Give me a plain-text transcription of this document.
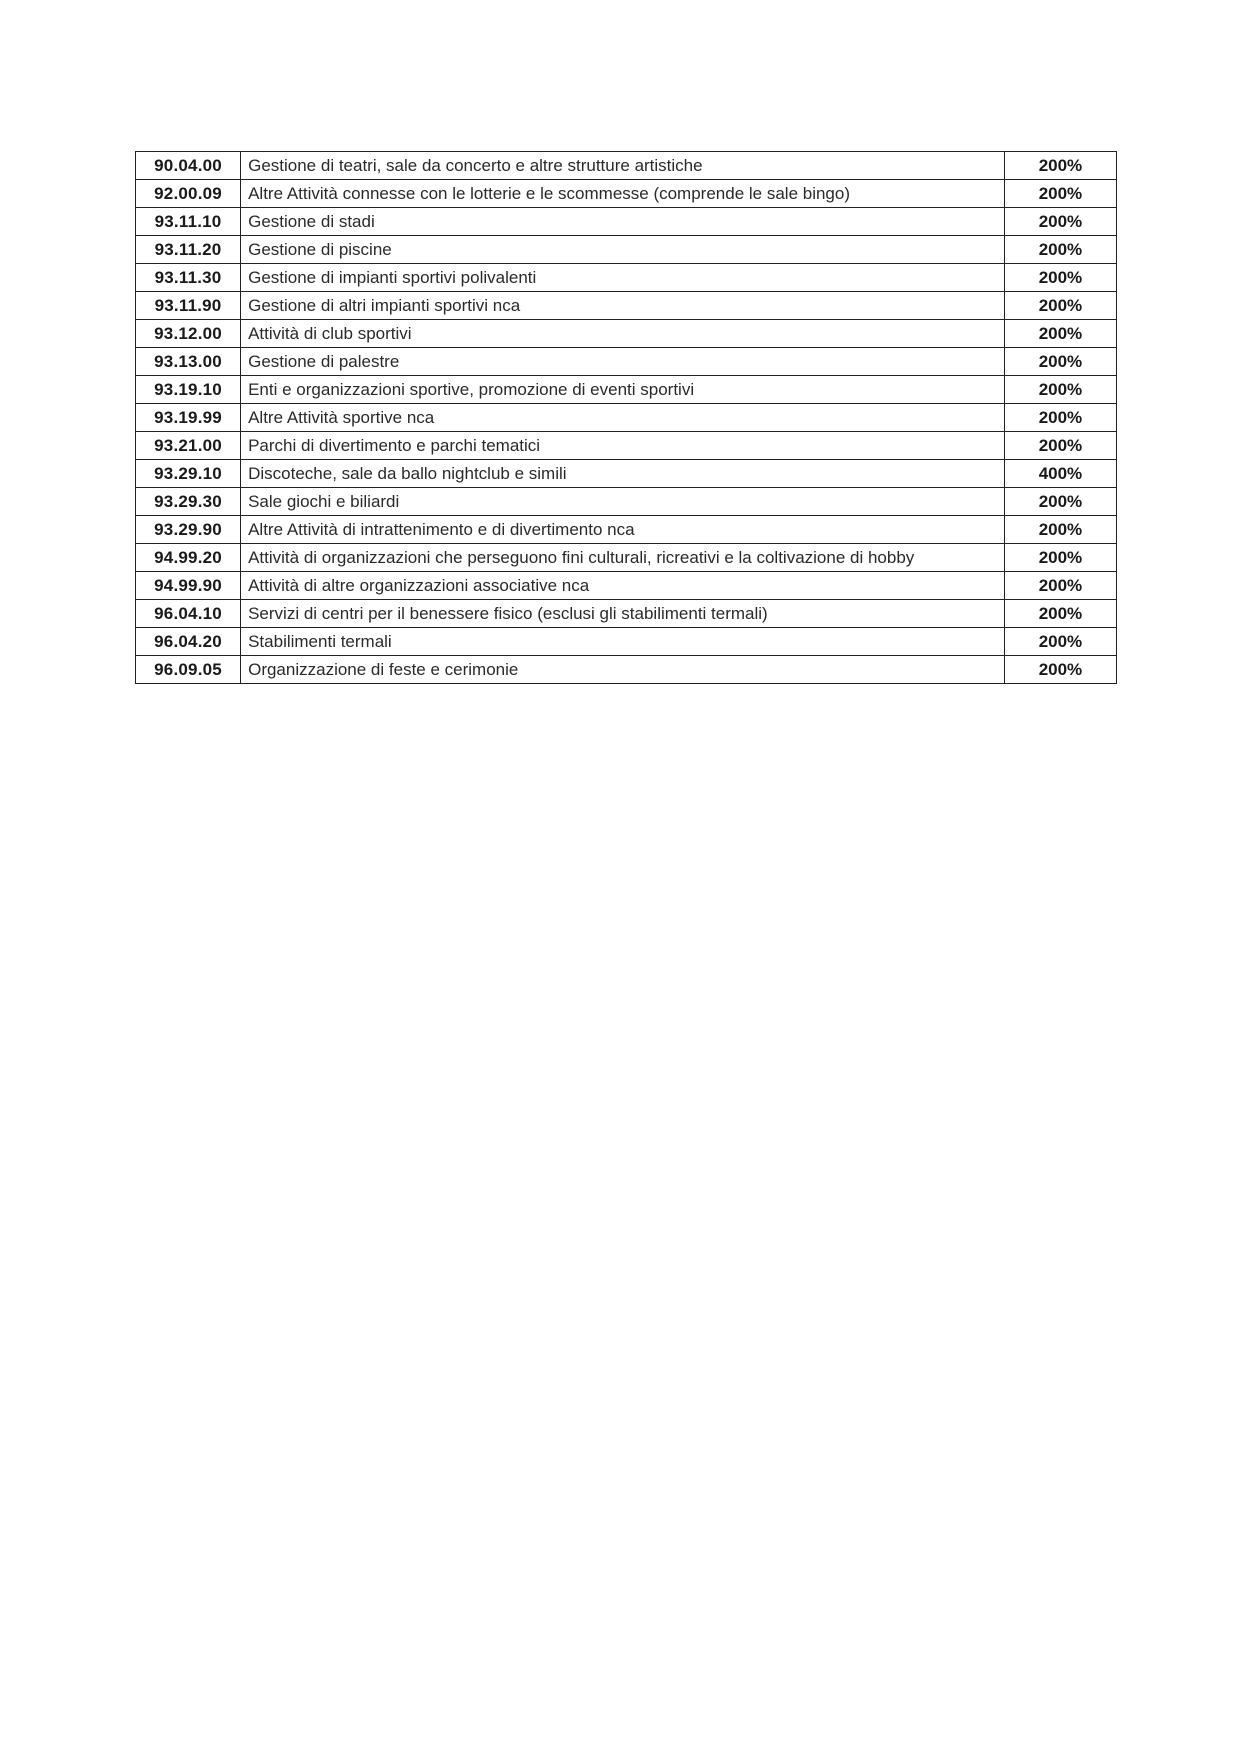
90.04.00	Gestione di teatri, sale da concerto e altre strutture artistiche	200%
92.00.09	Altre Attività connesse con le lotterie e le scommesse (comprende le sale bingo)	200%
93.11.10	Gestione di stadi	200%
93.11.20	Gestione di piscine	200%
93.11.30	Gestione di impianti sportivi polivalenti	200%
93.11.90	Gestione di altri impianti sportivi nca	200%
93.12.00	Attività di club sportivi	200%
93.13.00	Gestione di palestre	200%
93.19.10	Enti e organizzazioni sportive, promozione di eventi sportivi	200%
93.19.99	Altre Attività sportive nca	200%
93.21.00	Parchi di divertimento e parchi tematici	200%
93.29.10	Discoteche, sale da ballo nightclub e simili	400%
93.29.30	Sale giochi e biliardi	200%
93.29.90	Altre Attività di intrattenimento e di divertimento nca	200%
94.99.20	Attività di organizzazioni che perseguono fini culturali, ricreativi e la coltivazione di hobby	200%
94.99.90	Attività di altre organizzazioni associative nca	200%
96.04.10	Servizi di centri per il benessere fisico (esclusi gli stabilimenti termali)	200%
96.04.20	Stabilimenti termali	200%
96.09.05	Organizzazione di feste e cerimonie	200%
